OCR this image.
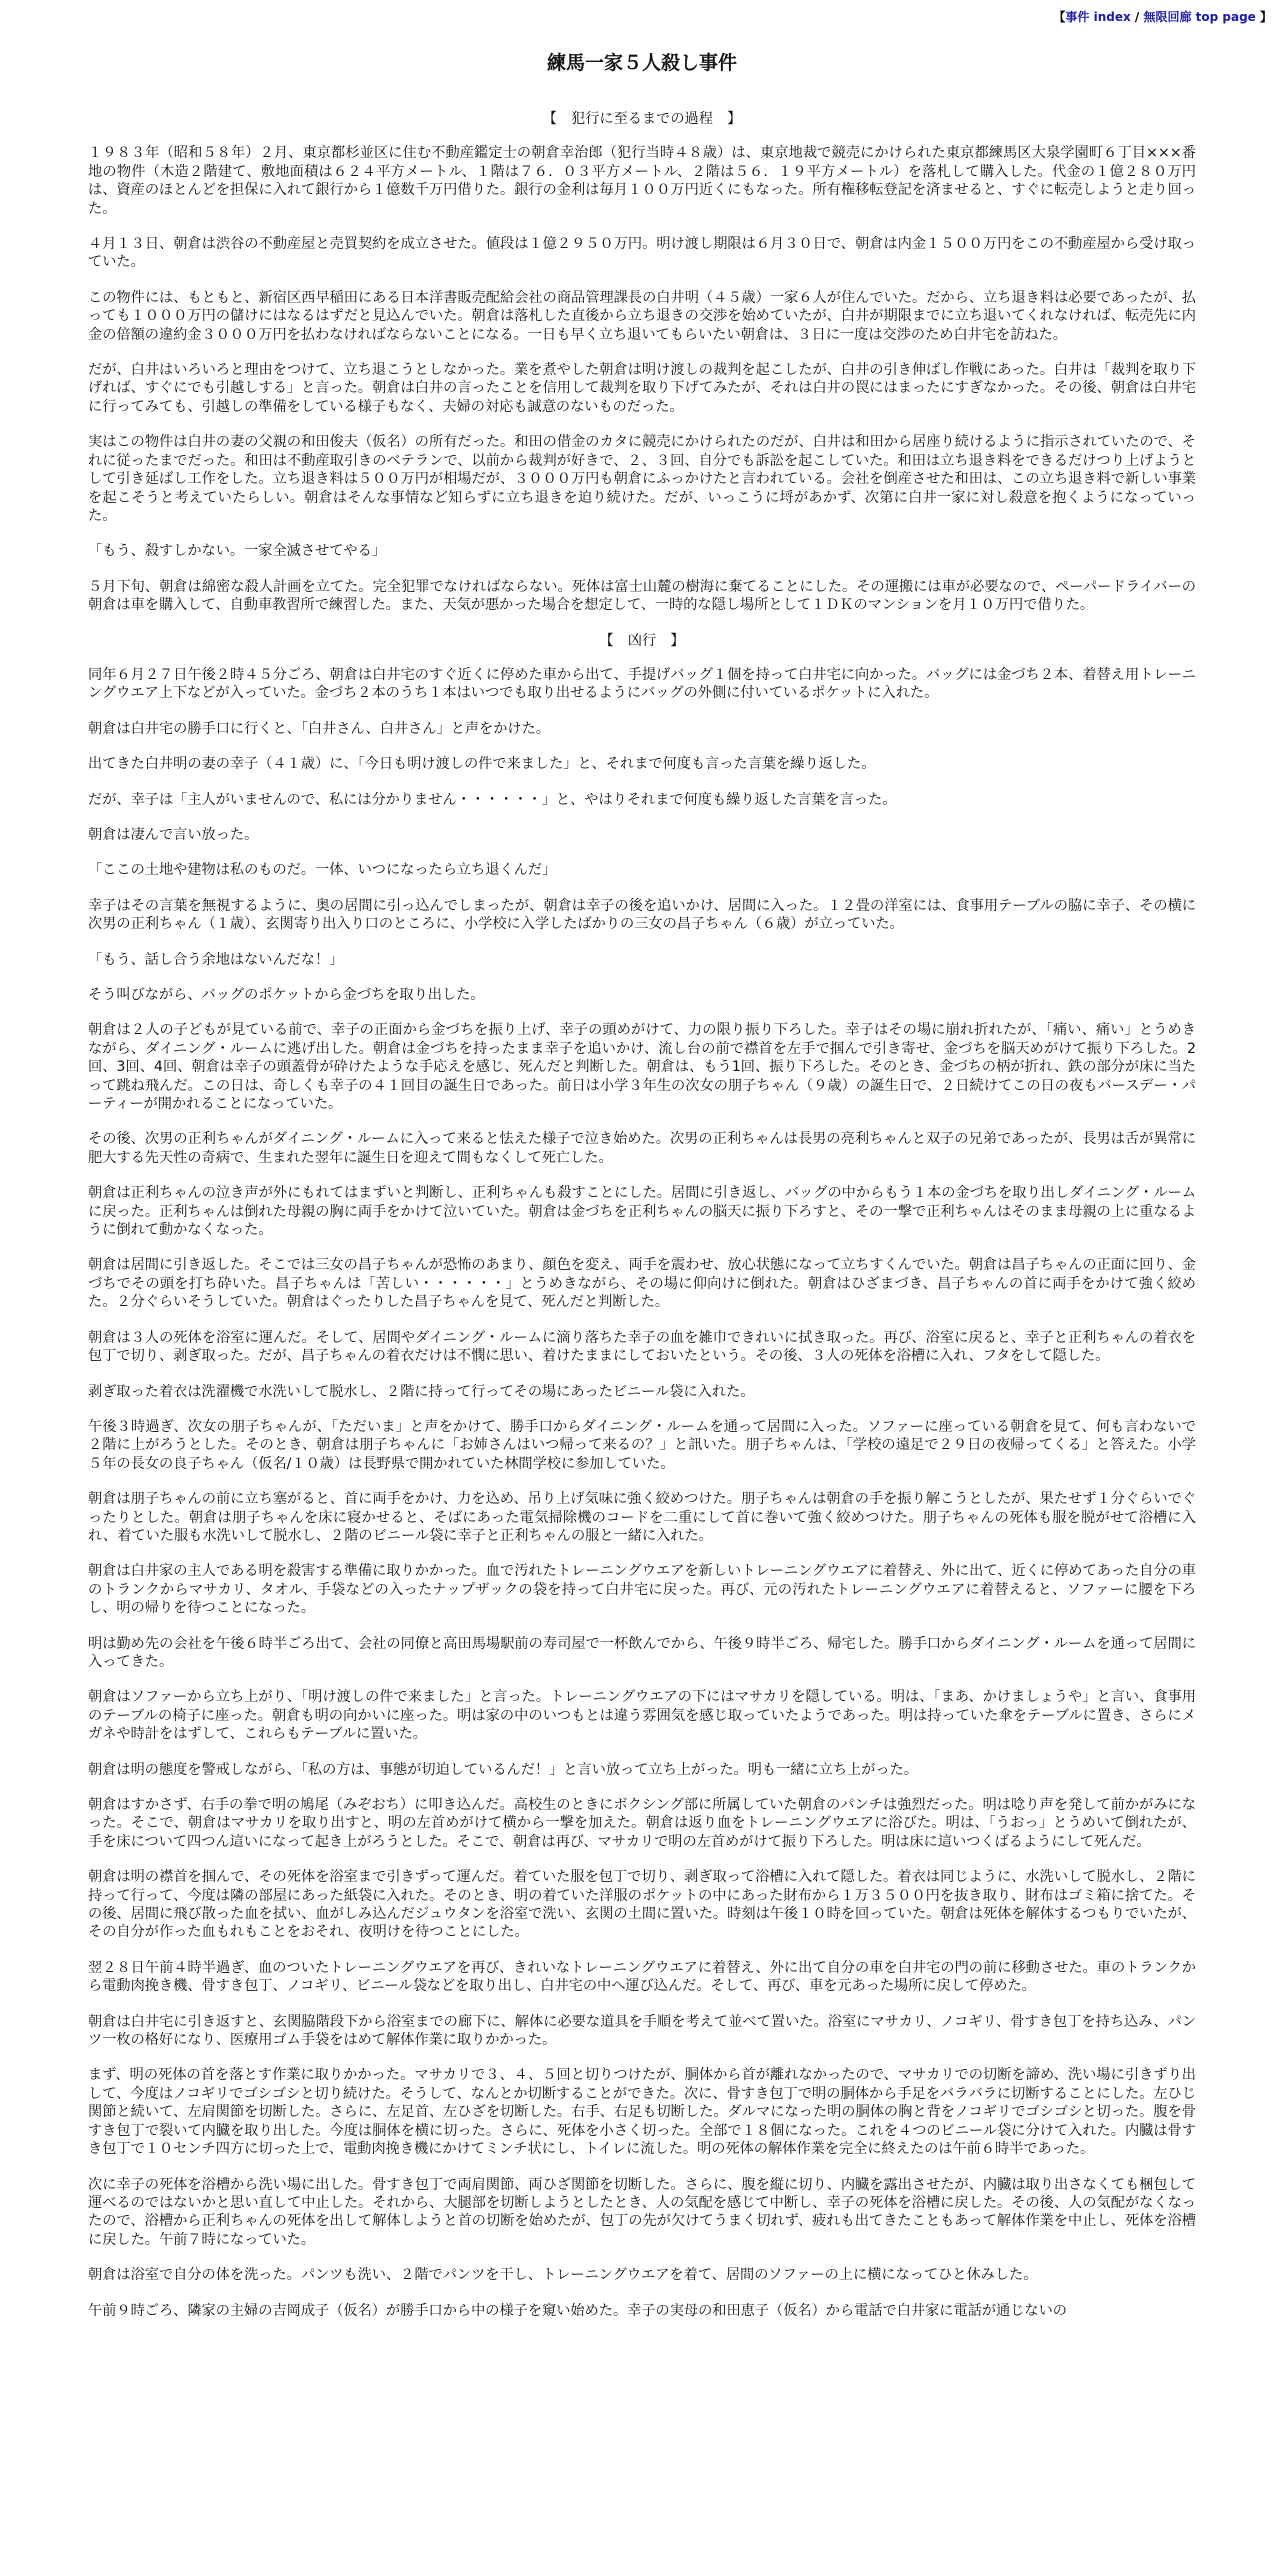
【事件 index / 無限回廊 top page 】
練馬一家５人殺し事件
【　犯行に至るまでの過程　】

１９８３年（昭和５８年）２月、東京都杉並区に住む不動産鑑定士の朝倉幸治郎（犯行当時４８歳）は、東京地裁で競売にかけられた東京都練馬区大泉学園町６丁目×××番地の物件（木造２階建て、敷地面積は６２４平方メートル、１階は７６．０３平方メートル、２階は５６．１９平方メートル）を落札して購入した。代金の１億２８０万円は、資産のほとんどを担保に入れて銀行から１億数千万円借りた。銀行の金利は毎月１００万円近くにもなった。所有権移転登記を済ませると、すぐに転売しようと走り回った。

４月１３日、朝倉は渋谷の不動産屋と売買契約を成立させた。値段は１億２９５０万円。明け渡し期限は６月３０日で、朝倉は内金１５００万円をこの不動産屋から受け取っていた。

この物件には、もともと、新宿区西早稲田にある日本洋書販売配給会社の商品管理課長の白井明（４５歳）一家６人が住んでいた。だから、立ち退き料は必要であったが、払っても１０００万円の儲けにはなるはずだと見込んでいた。朝倉は落札した直後から立ち退きの交渉を始めていたが、白井が期限までに立ち退いてくれなければ、転売先に内金の倍額の違約金３０００万円を払わなければならないことになる。一日も早く立ち退いてもらいたい朝倉は、３日に一度は交渉のため白井宅を訪ねた。

だが、白井はいろいろと理由をつけて、立ち退こうとしなかった。業を煮やした朝倉は明け渡しの裁判を起こしたが、白井の引き伸ばし作戦にあった。白井は「裁判を取り下げれば、すぐにでも引越しする」と言った。朝倉は白井の言ったことを信用して裁判を取り下げてみたが、それは白井の罠にはまったにすぎなかった。その後、朝倉は白井宅に行ってみても、引越しの準備をしている様子もなく、夫婦の対応も誠意のないものだった。

実はこの物件は白井の妻の父親の和田俊夫（仮名）の所有だった。和田の借金のカタに競売にかけられたのだが、白井は和田から居座り続けるように指示されていたので、それに従ったまでだった。和田は不動産取引きのベテランで、以前から裁判が好きで、２、３回、自分でも訴訟を起こしていた。和田は立ち退き料をできるだけつり上げようとして引き延ばし工作をした。立ち退き料は５００万円が相場だが、３０００万円も朝倉にふっかけたと言われている。会社を倒産させた和田は、この立ち退き料で新しい事業を起こそうと考えていたらしい。朝倉はそんな事情など知らずに立ち退きを迫り続けた。だが、いっこうに埒があかず、次第に白井一家に対し殺意を抱くようになっていった。

「もう、殺すしかない。一家全滅させてやる」

５月下旬、朝倉は綿密な殺人計画を立てた。完全犯罪でなければならない。死体は富士山麓の樹海に棄てることにした。その運搬には車が必要なので、ペーパードライバーの朝倉は車を購入して、自動車教習所で練習した。また、天気が悪かった場合を想定して、一時的な隠し場所として１ＤＫのマンションを月１０万円で借りた。

【　凶行　】

同年６月２７日午後２時４５分ごろ、朝倉は白井宅のすぐ近くに停めた車から出て、手提げバッグ１個を持って白井宅に向かった。バッグには金づち２本、着替え用トレーニングウエア上下などが入っていた。金づち２本のうち１本はいつでも取り出せるようにバッグの外側に付いているポケットに入れた。

朝倉は白井宅の勝手口に行くと、「白井さん、白井さん」と声をかけた。

出てきた白井明の妻の幸子（４１歳）に、「今日も明け渡しの件で来ました」と、それまで何度も言った言葉を繰り返した。

だが、幸子は「主人がいませんので、私には分かりません・・・・・・」と、やはりそれまで何度も繰り返した言葉を言った。

朝倉は凄んで言い放った。

「ここの土地や建物は私のものだ。一体、いつになったら立ち退くんだ」

幸子はその言葉を無視するように、奥の居間に引っ込んでしまったが、朝倉は幸子の後を追いかけ、居間に入った。１２畳の洋室には、食事用テーブルの脇に幸子、その横に次男の正利ちゃん（１歳）、玄関寄り出入り口のところに、小学校に入学したばかりの三女の昌子ちゃん（６歳）が立っていた。

「もう、話し合う余地はないんだな！」

そう叫びながら、バッグのポケットから金づちを取り出した。

朝倉は２人の子どもが見ている前で、幸子の正面から金づちを振り上げ、幸子の頭めがけて、力の限り振り下ろした。幸子はその場に崩れ折れたが、「痛い、痛い」とうめきながら、ダイニング・ルームに逃げ出した。朝倉は金づちを持ったまま幸子を追いかけ、流し台の前で襟首を左手で掴んで引き寄せ、金づちを脳天めがけて振り下ろした。2回、3回、4回、朝倉は幸子の頭蓋骨が砕けたような手応えを感じ、死んだと判断した。朝倉は、もう1回、振り下ろした。そのとき、金づちの柄が折れ、鉄の部分が床に当たって跳ね飛んだ。この日は、奇しくも幸子の４１回目の誕生日であった。前日は小学３年生の次女の朋子ちゃん（９歳）の誕生日で、２日続けてこの日の夜もバースデー・パーティーが開かれることになっていた。

その後、次男の正利ちゃんがダイニング・ルームに入って来ると怯えた様子で泣き始めた。次男の正利ちゃんは長男の亮利ちゃんと双子の兄弟であったが、長男は舌が異常に肥大する先天性の奇病で、生まれた翌年に誕生日を迎えて間もなくして死亡した。

朝倉は正利ちゃんの泣き声が外にもれてはまずいと判断し、正利ちゃんも殺すことにした。居間に引き返し、バッグの中からもう１本の金づちを取り出しダイニング・ルームに戻った。正利ちゃんは倒れた母親の胸に両手をかけて泣いていた。朝倉は金づちを正利ちゃんの脳天に振り下ろすと、その一撃で正利ちゃんはそのまま母親の上に重なるように倒れて動かなくなった。

朝倉は居間に引き返した。そこでは三女の昌子ちゃんが恐怖のあまり、顔色を変え、両手を震わせ、放心状態になって立ちすくんでいた。朝倉は昌子ちゃんの正面に回り、金づちでその頭を打ち砕いた。昌子ちゃんは「苦しい・・・・・・」とうめきながら、その場に仰向けに倒れた。朝倉はひざまづき、昌子ちゃんの首に両手をかけて強く絞めた。２分ぐらいそうしていた。朝倉はぐったりした昌子ちゃんを見て、死んだと判断した。

朝倉は３人の死体を浴室に運んだ。そして、居間やダイニング・ルームに滴り落ちた幸子の血を雑巾できれいに拭き取った。再び、浴室に戻ると、幸子と正利ちゃんの着衣を包丁で切り、剥ぎ取った。だが、昌子ちゃんの着衣だけは不憫に思い、着けたままにしておいたという。その後、３人の死体を浴槽に入れ、フタをして隠した。

剥ぎ取った着衣は洗濯機で水洗いして脱水し、２階に持って行ってその場にあったビニール袋に入れた。

午後３時過ぎ、次女の朋子ちゃんが、「ただいま」と声をかけて、勝手口からダイニング・ルームを通って居間に入った。ソファーに座っている朝倉を見て、何も言わないで２階に上がろうとした。そのとき、朝倉は朋子ちゃんに「お姉さんはいつ帰って来るの？」と訊いた。朋子ちゃんは、「学校の遠足で２９日の夜帰ってくる」と答えた。小学５年の長女の良子ちゃん（仮名/１０歳）は長野県で開かれていた林間学校に参加していた。

朝倉は朋子ちゃんの前に立ち塞がると、首に両手をかけ、力を込め、吊り上げ気味に強く絞めつけた。朋子ちゃんは朝倉の手を振り解こうとしたが、果たせず１分ぐらいでぐったりとした。朝倉は朋子ちゃんを床に寝かせると、そばにあった電気掃除機のコードを二重にして首に巻いて強く絞めつけた。朋子ちゃんの死体も服を脱がせて浴槽に入れ、着ていた服も水洗いして脱水し、２階のビニール袋に幸子と正利ちゃんの服と一緒に入れた。

朝倉は白井家の主人である明を殺害する準備に取りかかった。血で汚れたトレーニングウエアを新しいトレーニングウエアに着替え、外に出て、近くに停めてあった自分の車のトランクからマサカリ、タオル、手袋などの入ったナップザックの袋を持って白井宅に戻った。再び、元の汚れたトレーニングウエアに着替えると、ソファーに腰を下ろし、明の帰りを待つことになった。

明は勤め先の会社を午後６時半ごろ出て、会社の同僚と高田馬場駅前の寿司屋で一杯飲んでから、午後９時半ごろ、帰宅した。勝手口からダイニング・ルームを通って居間に入ってきた。

朝倉はソファーから立ち上がり、「明け渡しの件で来ました」と言った。トレーニングウエアの下にはマサカリを隠している。明は、「まあ、かけましょうや」と言い、食事用のテーブルの椅子に座った。朝倉も明の向かいに座った。明は家の中のいつもとは違う雰囲気を感じ取っていたようであった。明は持っていた傘をテーブルに置き、さらにメガネや時計をはずして、これらもテーブルに置いた。

朝倉は明の態度を警戒しながら、「私の方は、事態が切迫しているんだ！」と言い放って立ち上がった。明も一緒に立ち上がった。

朝倉はすかさず、右手の拳で明の鳩尾（みぞおち）に叩き込んだ。高校生のときにボクシング部に所属していた朝倉のパンチは強烈だった。明は唸り声を発して前かがみになった。そこで、朝倉はマサカリを取り出すと、明の左首めがけて横から一撃を加えた。朝倉は返り血をトレーニングウエアに浴びた。明は、「うおっ」とうめいて倒れたが、手を床について四つん這いになって起き上がろうとした。そこで、朝倉は再び、マサカリで明の左首めがけて振り下ろした。明は床に這いつくばるようにして死んだ。

朝倉は明の襟首を掴んで、その死体を浴室まで引きずって運んだ。着ていた服を包丁で切り、剥ぎ取って浴槽に入れて隠した。着衣は同じように、水洗いして脱水し、２階に持って行って、今度は隣の部屋にあった紙袋に入れた。そのとき、明の着ていた洋服のポケットの中にあった財布から１万３５００円を抜き取り、財布はゴミ箱に捨てた。その後、居間に飛び散った血を拭い、血がしみ込んだジュウタンを浴室で洗い、玄関の土間に置いた。時刻は午後１０時を回っていた。朝倉は死体を解体するつもりでいたが、その自分が作った血もれもことをおそれ、夜明けを待つことにした。

翌２８日午前４時半過ぎ、血のついたトレーニングウエアを再び、きれいなトレーニングウエアに着替え、外に出て自分の車を白井宅の門の前に移動させた。車のトランクから電動肉挽き機、骨すき包丁、ノコギリ、ビニール袋などを取り出し、白井宅の中へ運び込んだ。そして、再び、車を元あった場所に戻して停めた。

朝倉は白井宅に引き返すと、玄関脇階段下から浴室までの廊下に、解体に必要な道具を手順を考えて並べて置いた。浴室にマサカリ、ノコギリ、骨すき包丁を持ち込み、パンツ一枚の格好になり、医療用ゴム手袋をはめて解体作業に取りかかった。

まず、明の死体の首を落とす作業に取りかかった。マサカリで３、４、５回と切りつけたが、胴体から首が離れなかったので、マサカリでの切断を諦め、洗い場に引きずり出して、今度はノコギリでゴシゴシと切り続けた。そうして、なんとか切断することができた。次に、骨すき包丁で明の胴体から手足をバラバラに切断することにした。左ひじ関節と続いて、左肩関節を切断した。さらに、左足首、左ひざを切断した。右手、右足も切断した。ダルマになった明の胴体の胸と背をノコギリでゴシゴシと切った。腹を骨すき包丁で裂いて内臓を取り出した。今度は胴体を横に切った。さらに、死体を小さく切った。全部で１８個になった。これを４つのビニール袋に分けて入れた。内臓は骨すき包丁で１０センチ四方に切った上で、電動肉挽き機にかけてミンチ状にし、トイレに流した。明の死体の解体作業を完全に終えたのは午前６時半であった。

次に幸子の死体を浴槽から洗い場に出した。骨すき包丁で両肩関節、両ひざ関節を切断した。さらに、腹を縦に切り、内臓を露出させたが、内臓は取り出さなくても梱包して運べるのではないかと思い直して中止した。それから、大腿部を切断しようとしたとき、人の気配を感じて中断し、幸子の死体を浴槽に戻した。その後、人の気配がなくなったので、浴槽から正利ちゃんの死体を出して解体しようと首の切断を始めたが、包丁の先が欠けてうまく切れず、疲れも出てきたこともあって解体作業を中止し、死体を浴槽に戻した。午前７時になっていた。

朝倉は浴室で自分の体を洗った。パンツも洗い、２階でパンツを干し、トレーニングウエアを着て、居間のソファーの上に横になってひと休みした。

午前９時ごろ、隣家の主婦の吉岡成子（仮名）が勝手口から中の様子を窺い始めた。幸子の実母の和田恵子（仮名）から電話で白井家に電話が通じないの
